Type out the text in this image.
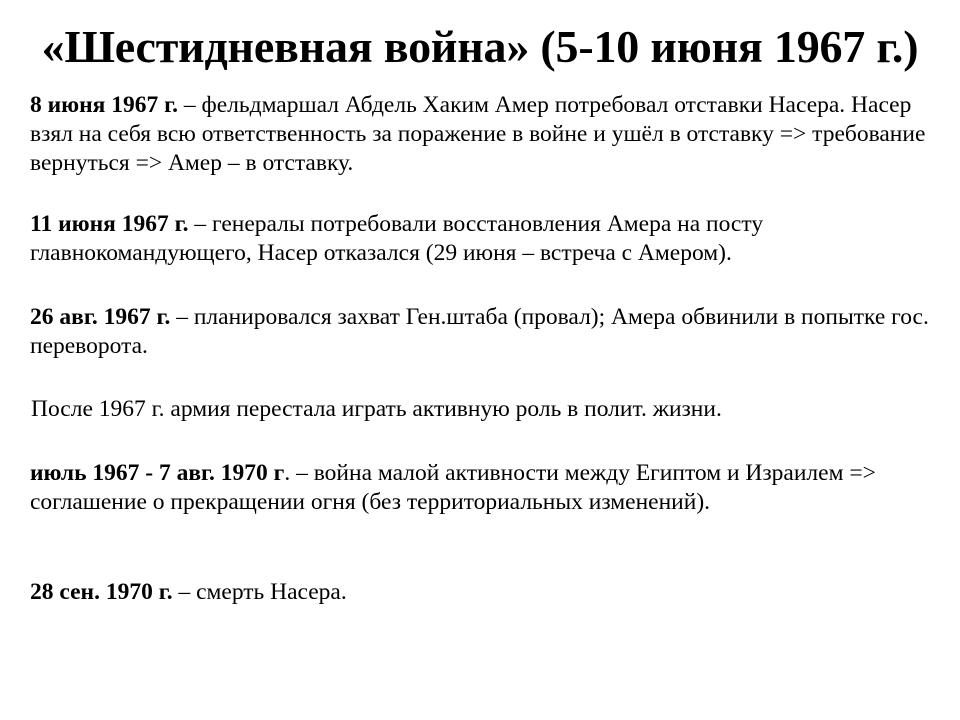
«Шестидневная война» (5-10 июня 1967 г.)

8 июня 1967 г. – фельдмаршал Абдель Хаким Амер потребовал отставки Насера. Насер взял на себя всю ответственность за поражение в войне и ушёл в отставку => требование вернуться => Амер – в отставку.

11 июня 1967 г. – генералы потребовали восстановления Амера на посту главнокомандующего, Насер отказался (29 июня – встреча с Амером).

26 авг. 1967 г. – планировался захват Ген.штаба (провал); Амера обвинили в попытке гос. переворота.

После 1967 г. армия перестала играть активную роль в полит. жизни.

июль 1967 - 7 авг. 1970 г. – война малой активности между Египтом и Израилем => соглашение о прекращении огня (без территориальных изменений).

28 сен. 1970 г. – смерть Насера.
